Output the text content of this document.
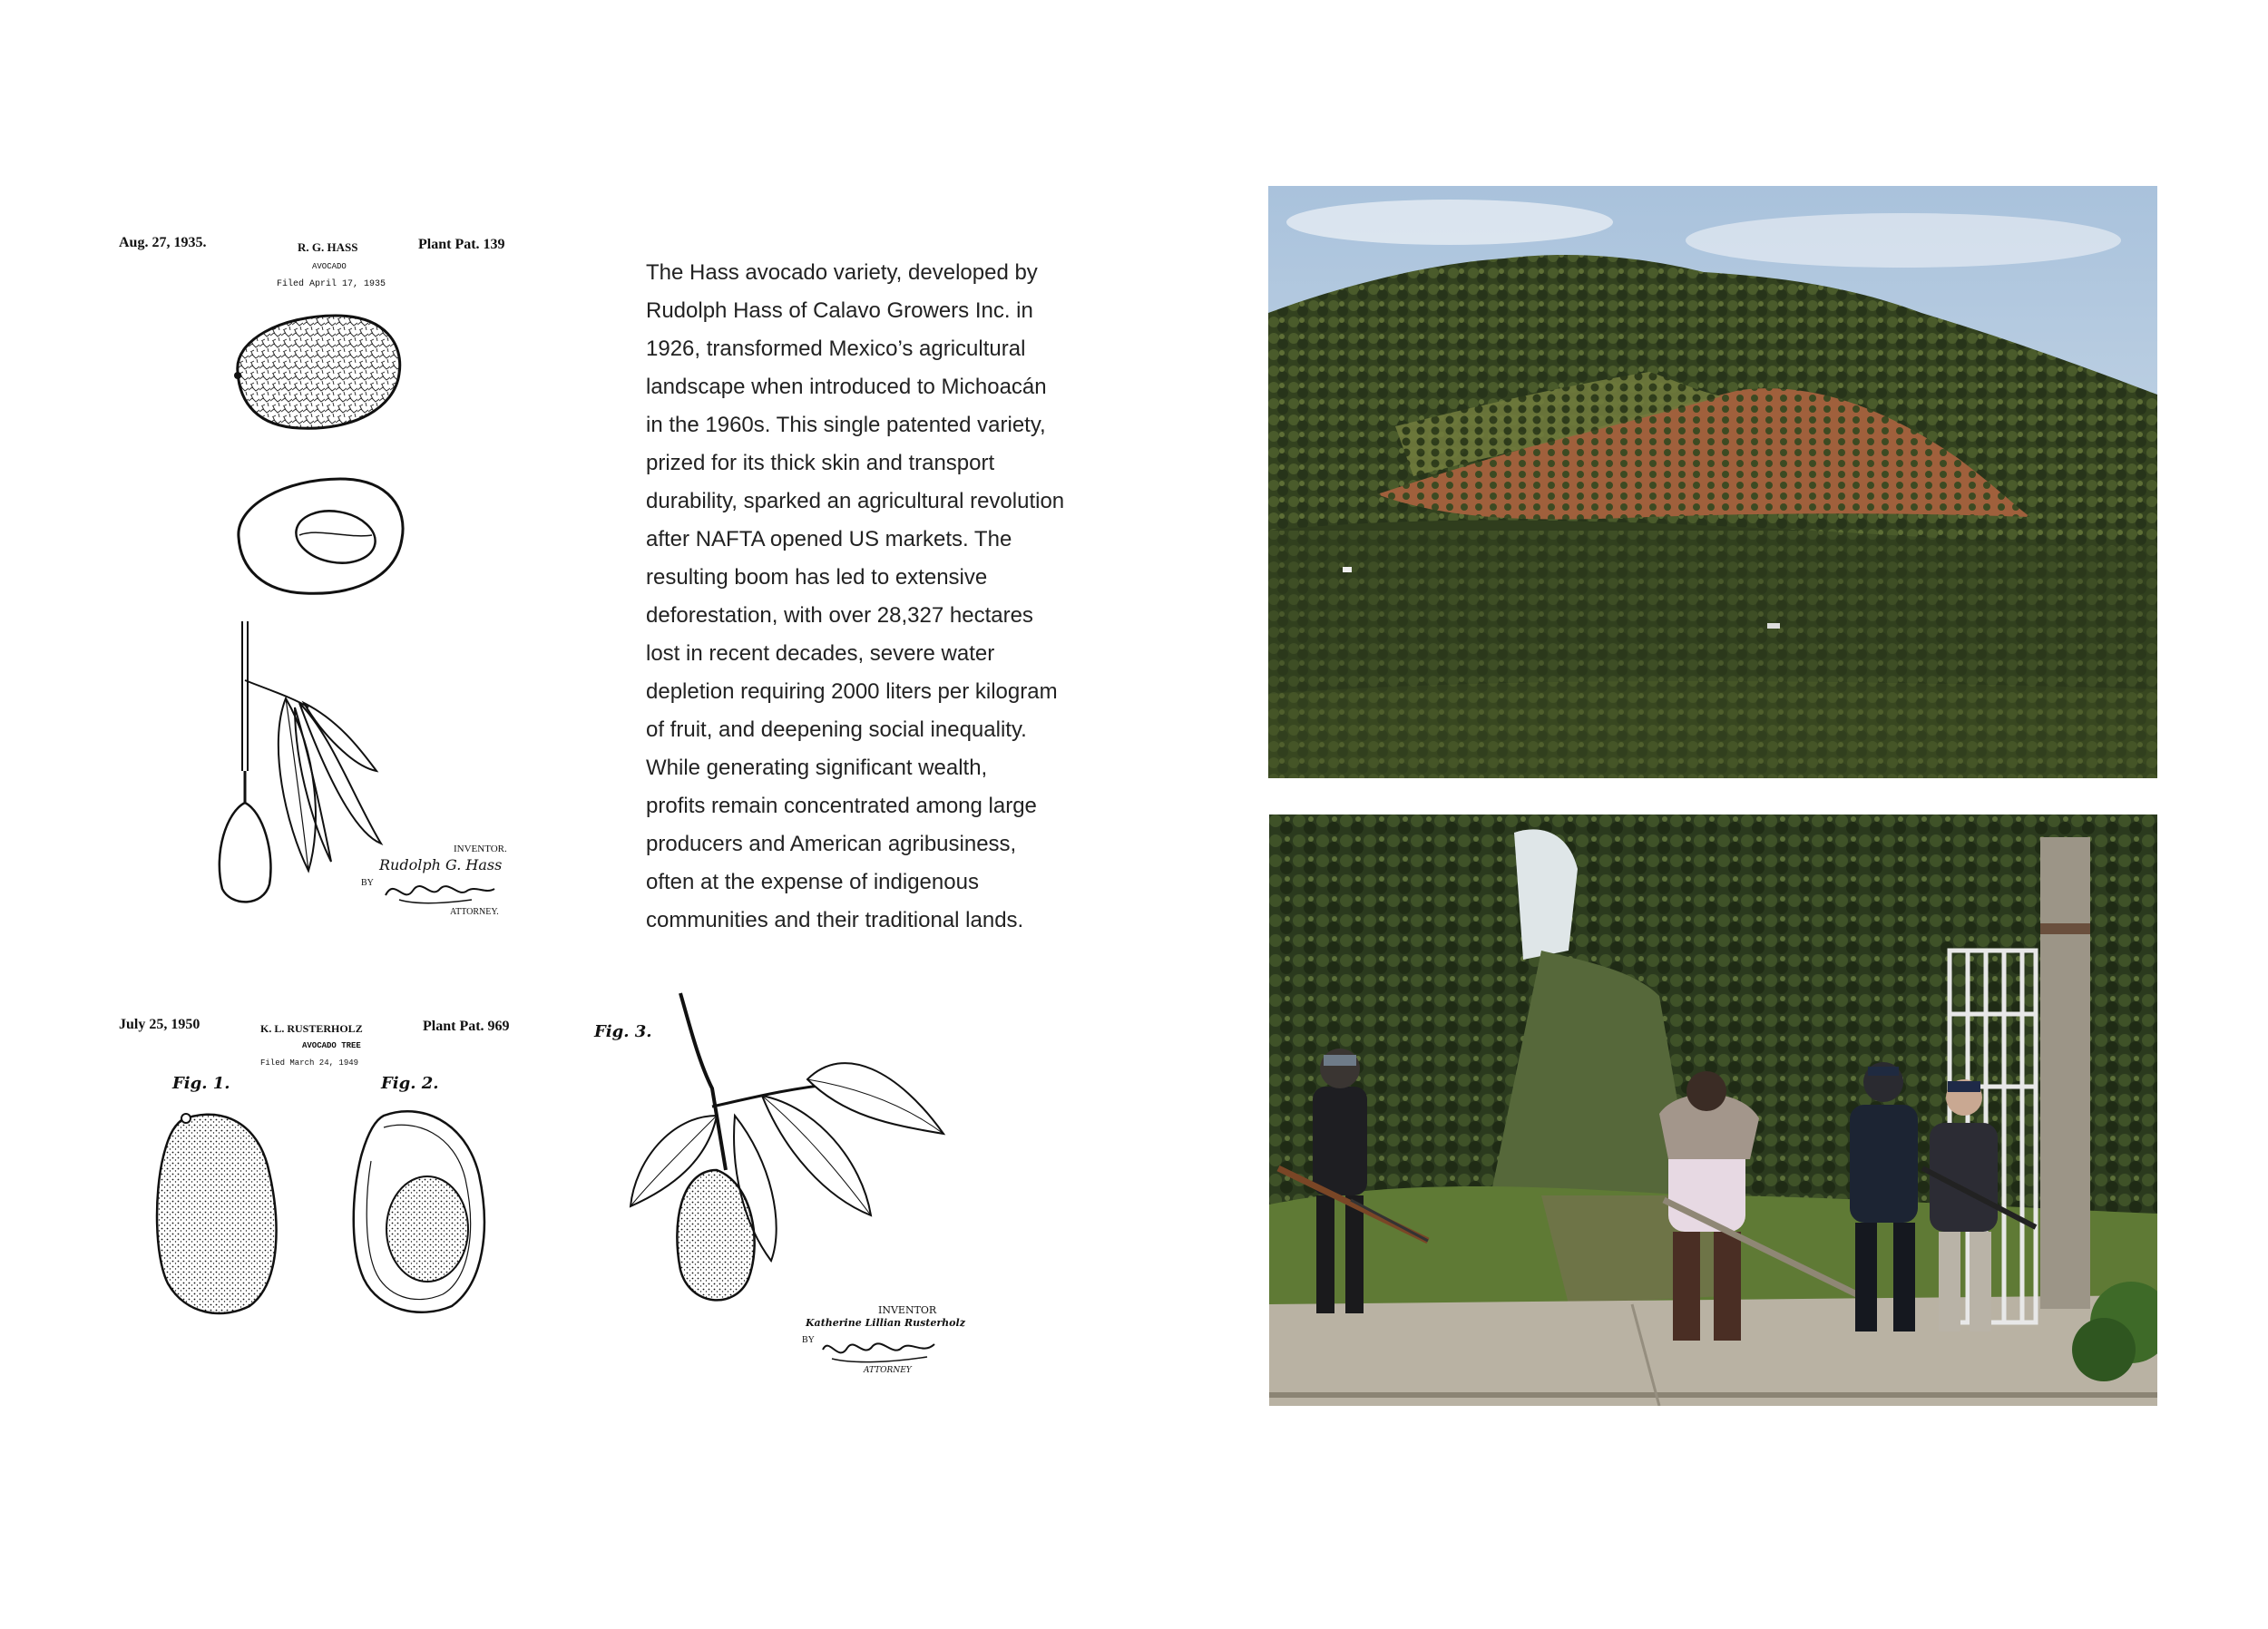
Aug. 27, 1935.	R. G. HASS
AVOCADO
Filed April 17, 1935
Plant Pat. 139
INVENTOR.
Rudolph G. Hass
BY
ATTORNEY.
July 25, 1950	K. L. RUSTERHOLZ
AVOCADO TREE
Filed March 24, 1949
Plant Pat. 969
Fig. 1.	Fig. 2.
Fig. 3.
INVENTOR
Katherine Lillian Rusterholz
BY
ATTORNEY
The Hass avocado variety, developed by
Rudolph Hass of Calavo Growers Inc. in
1926, transformed Mexico’s agricultural
landscape when introduced to Michoacán
in the 1960s. This single patented variety,
prized for its thick skin and transport
durability, sparked an agricultural revolution
after NAFTA opened US markets. The
resulting boom has led to extensive
deforestation, with over 28,327 hectares
lost in recent decades, severe water
depletion requiring 2000 liters per kilogram
of fruit, and deepening social inequality.
While generating significant wealth,
profits remain concentrated among large
producers and American agribusiness,
often at the expense of indigenous
communities and their traditional lands.
